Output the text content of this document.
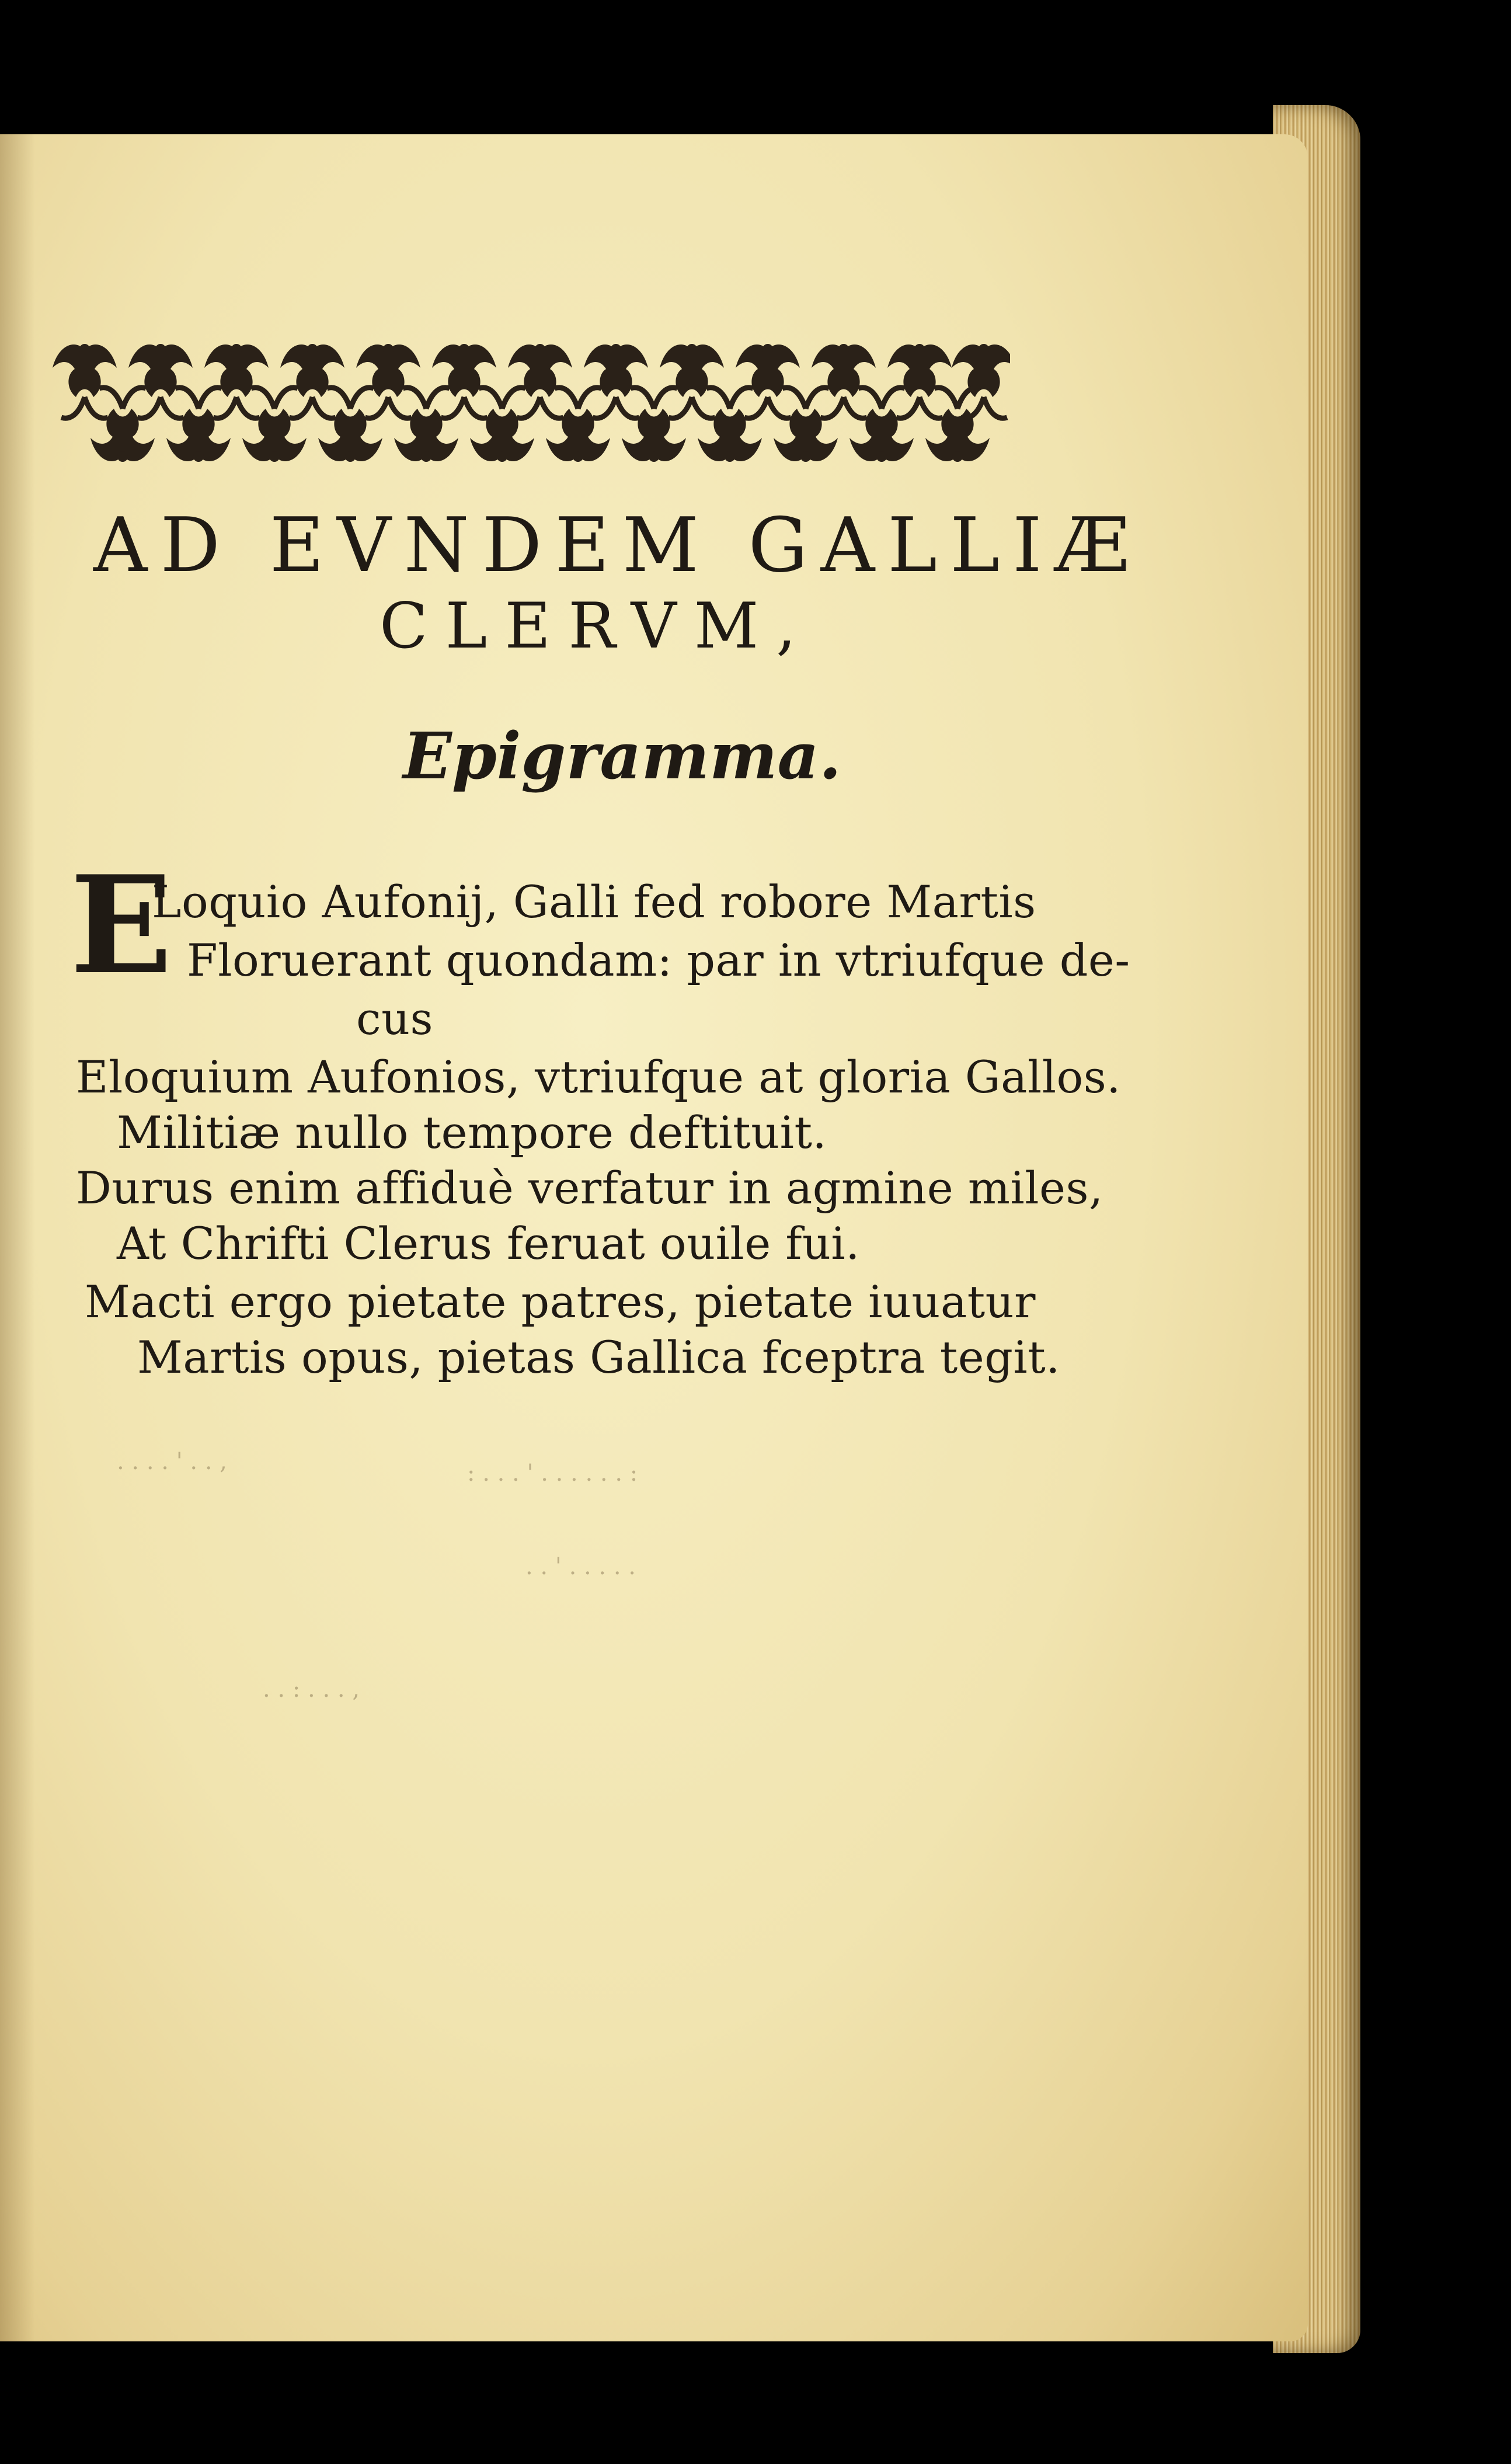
AD EVNDEM GALLIÆ
CLERVM,
Epigramma.
E
Loquio Aufonij, Galli fed robore Martis
Floruerant quondam: par in vtriufque de-
cus
Eloquium Aufonios, vtriufque at gloria Gallos.
Militiæ nullo tempore deftituit.
Durus enim affiduè verfatur in agmine miles,
At Chrifti Clerus feruat ouile fui.
Macti ergo pietate patres, pietate iuuatur
Martis opus, pietas Gallica fceptra tegit.
. . . . ' . . ,	: . . . ' . . . . . . :
. . ' . . . . .
. . : . . . ,
